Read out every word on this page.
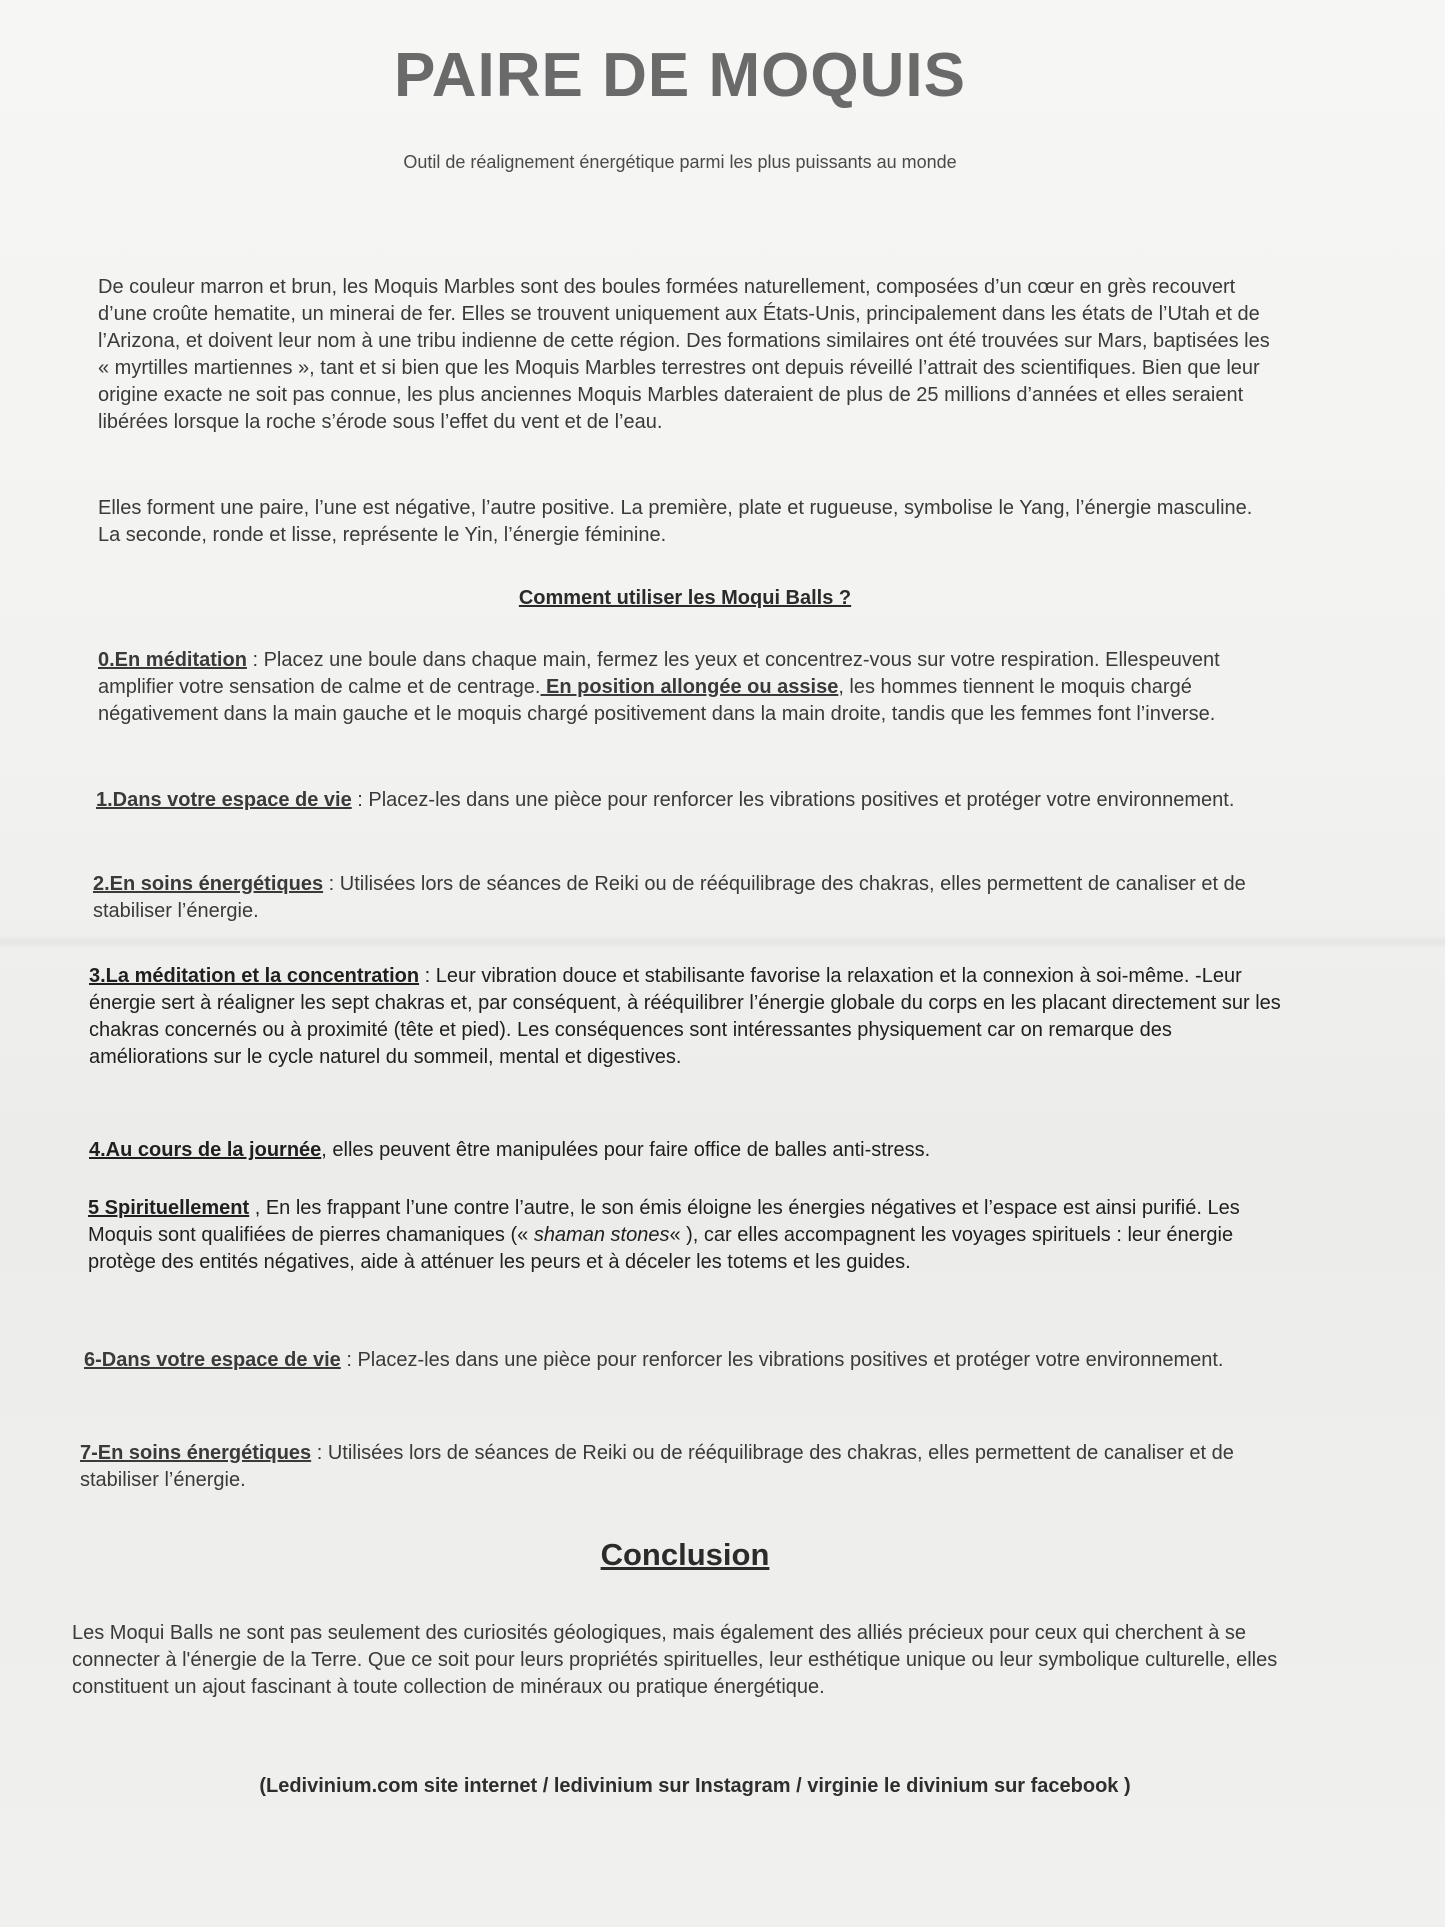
PAIRE DE MOQUIS

Outil de réalignement énergétique parmi les plus puissants au monde

De couleur marron et brun, les Moquis Marbles sont des boules formées naturellement, composées d’un cœur en grès recouvert d’une croûte hematite, un minerai de fer. Elles se trouvent uniquement aux États-Unis, principalement dans les états de l’Utah et de l’Arizona, et doivent leur nom à une tribu indienne de cette région. Des formations similaires ont été trouvées sur Mars, baptisées les « myrtilles martiennes », tant et si bien que les Moquis Marbles terrestres ont depuis réveillé l’attrait des scientifiques. Bien que leur origine exacte ne soit pas connue, les plus anciennes Moquis Marbles dateraient de plus de 25 millions d’années et elles seraient libérées lorsque la roche s’érode sous l’effet du vent et de l’eau.

Elles forment une paire, l’une est négative, l’autre positive. La première, plate et rugueuse, symbolise le Yang, l’énergie masculine. La seconde, ronde et lisse, représente le Yin, l’énergie féminine.

Comment utiliser les Moqui Balls ?

0.En méditation : Placez une boule dans chaque main, fermez les yeux et concentrez-vous sur votre respiration. Ellespeuvent amplifier votre sensation de calme et de centrage. En position allongée ou assise, les hommes tiennent le moquis chargé négativement dans la main gauche et le moquis chargé positivement dans la main droite, tandis que les femmes font l’inverse.

1.Dans votre espace de vie : Placez-les dans une pièce pour renforcer les vibrations positives et protéger votre environnement.

2.En soins énergétiques : Utilisées lors de séances de Reiki ou de rééquilibrage des chakras, elles permettent de canaliser et de stabiliser l’énergie.

3.La méditation et la concentration : Leur vibration douce et stabilisante favorise la relaxation et la connexion à soi-même. -Leur énergie sert à réaligner les sept chakras et, par conséquent, à rééquilibrer l’énergie globale du corps en les placant directement sur les chakras concernés ou à proximité (tête et pied). Les conséquences sont intéressantes physiquement car on remarque des améliorations sur le cycle naturel du sommeil, mental et digestives.

4.Au cours de la journée, elles peuvent être manipulées pour faire office de balles anti-stress.

5 Spirituellement , En les frappant l’une contre l’autre, le son émis éloigne les énergies négatives et l’espace est ainsi purifié. Les Moquis sont qualifiées de pierres chamaniques (« shaman stones« ), car elles accompagnent les voyages spirituels : leur énergie protège des entités négatives, aide à atténuer les peurs et à déceler les totems et les guides.

6-Dans votre espace de vie : Placez-les dans une pièce pour renforcer les vibrations positives et protéger votre environnement.

7-En soins énergétiques : Utilisées lors de séances de Reiki ou de rééquilibrage des chakras, elles permettent de canaliser et de stabiliser l’énergie.

Conclusion

Les Moqui Balls ne sont pas seulement des curiosités géologiques, mais également des alliés précieux pour ceux qui cherchent à se connecter à l'énergie de la Terre. Que ce soit pour leurs propriétés spirituelles, leur esthétique unique ou leur symbolique culturelle, elles constituent un ajout fascinant à toute collection de minéraux ou pratique énergétique.

(Ledivinium.com site internet / ledivinium sur Instagram / virginie le divinium sur facebook )
